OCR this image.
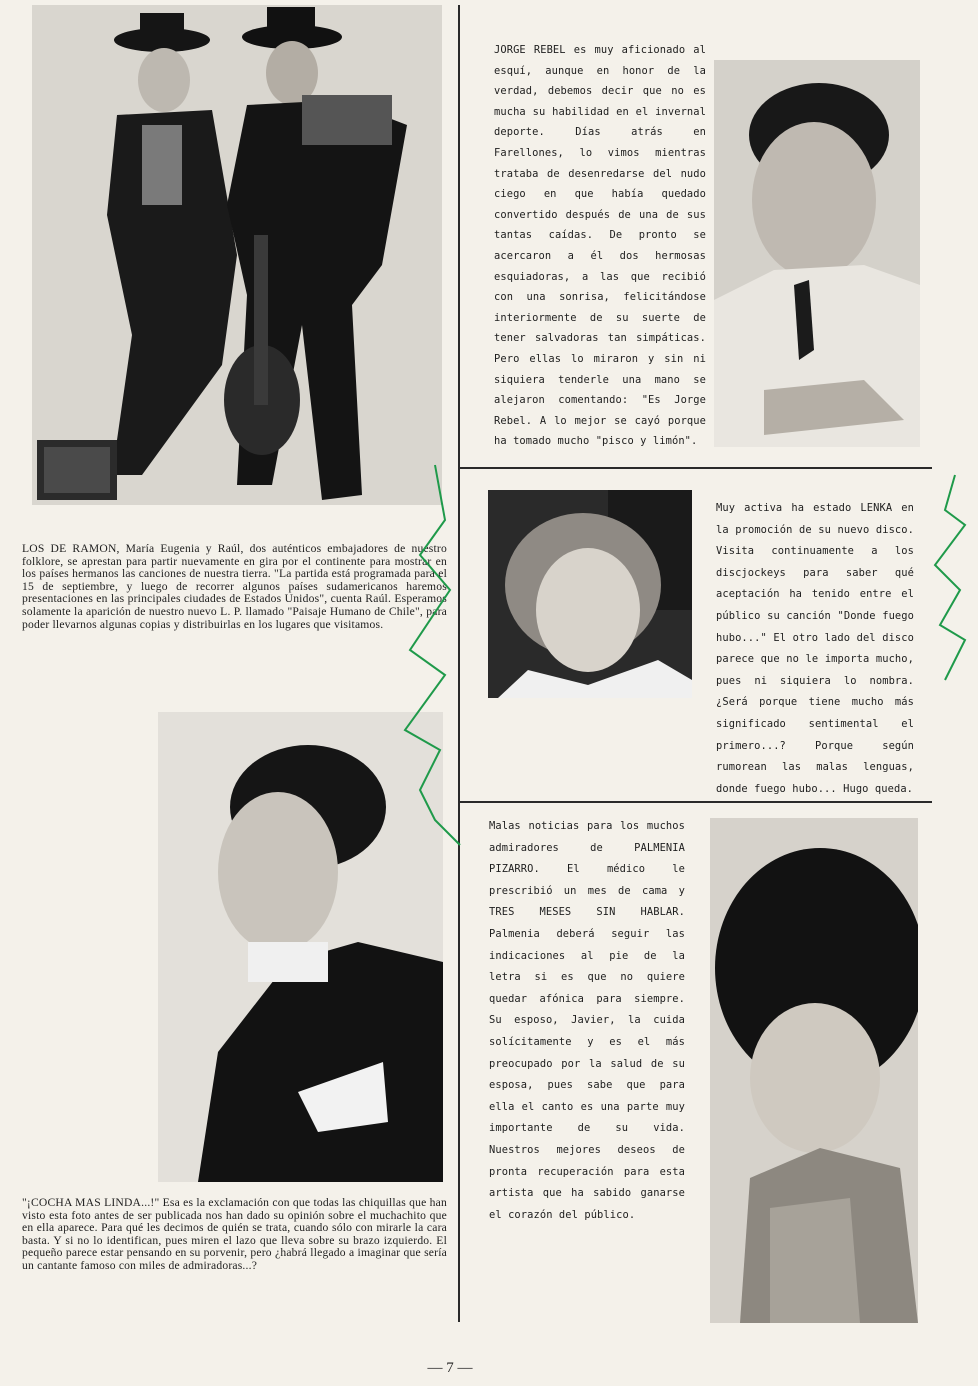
LOS DE RAMON, María Eugenia y Raúl, dos auténticos embajadores de nuestro folklore, se aprestan para partir nuevamente en gira por el continente para mostrar en los países hermanos las canciones de nuestra tierra. "La partida está programada para el 15 de septiembre, y luego de recorrer algunos países sudamericanos haremos presentaciones en las principales ciudades de Estados Unidos", cuenta Raúl. Esperamos solamente la aparición de nuestro nuevo L. P. llamado "Paisaje Humano de Chile", para poder llevarnos algunas copias y distribuirlas en los lugares que visitamos.
"¡COCHA MAS LINDA...!" Esa es la exclamación con que todas las chiquillas que han visto esta foto antes de ser publicada nos han dado su opinión sobre el muchachito que en ella aparece. Para qué les decimos de quién se trata, cuando sólo con mirarle la cara basta. Y si no lo identifican, pues miren el lazo que lleva sobre su brazo izquierdo. El pequeño parece estar pensando en su porvenir, pero ¿habrá llegado a imaginar que sería un cantante famoso con miles de admiradoras...?
JORGE REBEL es muy aficionado al esquí, aunque en honor de la verdad, debemos decir que no es mucha su habilidad en el invernal deporte. Días atrás en Farellones, lo vimos mientras trataba de desenredarse del nudo ciego en que había quedado convertido después de una de sus tantas caídas. De pronto se acercaron a él dos hermosas esquiadoras, a las que recibió con una sonrisa, felicitándose interiormente de su suerte de tener salvadoras tan simpáticas. Pero ellas lo miraron y sin ni siquiera tenderle una mano se alejaron comentando: "Es Jorge Rebel. A lo mejor se cayó porque ha tomado mucho "pisco y limón".
Muy activa ha estado LENKA en la promoción de su nuevo disco. Visita continuamente a los discjockeys para saber qué aceptación ha tenido entre el público su canción "Donde fuego hubo..." El otro lado del disco parece que no le importa mucho, pues ni siquiera lo nombra. ¿Será porque tiene mucho más significado sentimental el primero...? Porque según rumorean las malas lenguas, donde fuego hubo... Hugo queda.
Malas noticias para los muchos admiradores de PALMENIA PIZARRO. El médico le prescribió un mes de cama y TRES MESES SIN HABLAR. Palmenia deberá seguir las indicaciones al pie de la letra si es que no quiere quedar afónica para siempre. Su esposo, Javier, la cuida solícitamente y es el más preocupado por la salud de su esposa, pues sabe que para ella el canto es una parte muy importante de su vida. Nuestros mejores deseos de pronta recuperación para esta artista que ha sabido ganarse el corazón del público.
— 7 —
